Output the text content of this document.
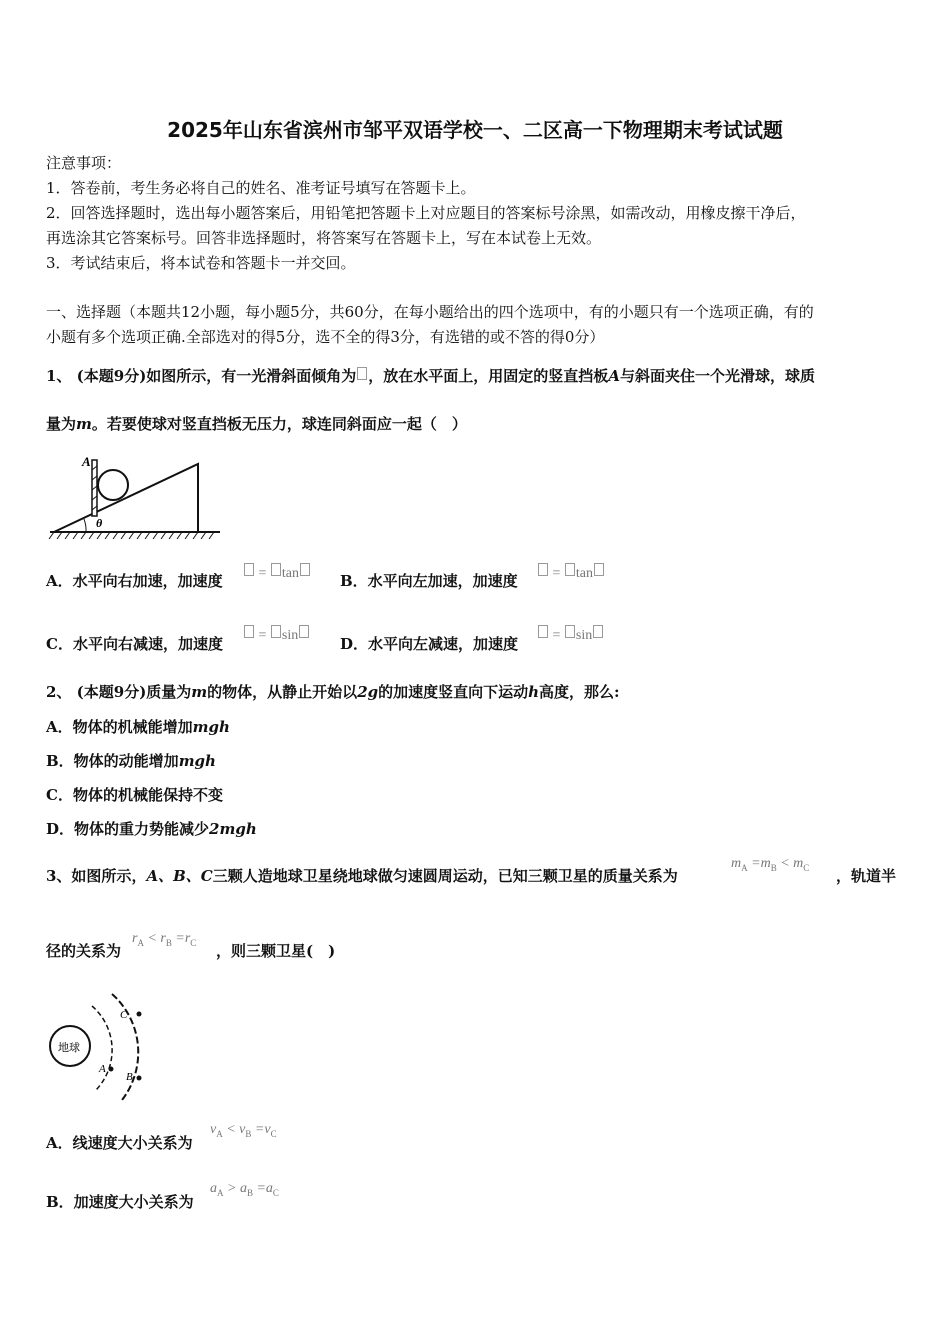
2025年山东省滨州市邹平双语学校一、二区高一下物理期末考试试题
注意事项：
1．答卷前，考生务必将自己的姓名、准考证号填写在答题卡上。
2．回答选择题时，选出每小题答案后，用铅笔把答题卡上对应题目的答案标号涂黑，如需改动，用橡皮擦干净后，
再选涂其它答案标号。回答非选择题时，将答案写在答题卡上，写在本试卷上无效。
3．考试结束后，将本试卷和答题卡一并交回。
一、选择题（本题共12小题，每小题5分，共60分，在每小题给出的四个选项中，有的小题只有一个选项正确，有的
小题有多个选项正确.全部选对的得5分，选不全的得3分，有选错的或不答的得0分）
1、 (本题9分)如图所示，有一光滑斜面倾角为 ，放在水平面上，用固定的竖直挡板A与斜面夹住一个光滑球，球质
量为m。若要使球对竖直挡板无压力，球连同斜面应一起（　）
A
θ
A．水平向右加速，加速度	= tan	B．水平向左加速，加速度	= tan
C．水平向右减速，加速度	= sin	D．水平向左减速，加速度	= sin
2、 (本题9分)质量为m的物体，从静止开始以2g的加速度竖直向下运动h高度，那么:
A．物体的机械能增加mgh
B．物体的动能增加mgh
C．物体的机械能保持不变
D．物体的重力势能减少2mgh
3、如图所示，A、B、C三颗人造地球卫星绕地球做匀速圆周运动，已知三颗卫星的质量关系为
$m_A =m_B < m_C$ ，轨道半
径的关系为
$r_A < r_B =r_C$ ，则三颗卫星(　)
地球
C
A
B
A．线速度大小关系为
$v_A < v_B =v_C$
B．加速度大小关系为
$a_A > a_B =a_C$
